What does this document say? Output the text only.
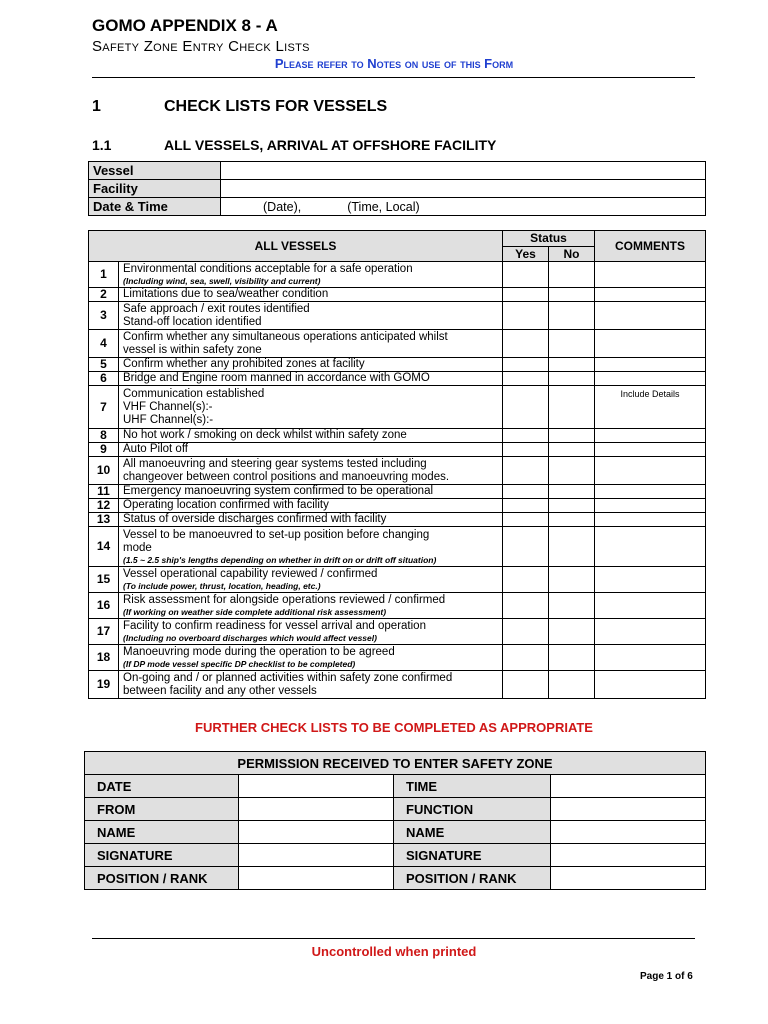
GOMO APPENDIX 8 - A
Safety Zone Entry Check Lists
Please refer to Notes on use of this Form
1	CHECK LISTS FOR VESSELS
1.1	ALL VESSELS, ARRIVAL AT OFFSHORE FACILITY
Vessel	
Facility	
Date & Time	(Date), (Time, Local)
ALL VESSELS		Status		COMMENTS
		Yes	No	
1	Environmental conditions acceptable for a safe operation
(Including wind, sea, swell, visibility and current)			

2	Limitations due to sea/weather condition			

3	Safe approach / exit routes identified
Stand-off location identified			

4	Confirm whether any simultaneous operations anticipated whilst
vessel is within safety zone			

5	Confirm whether any prohibited zones at facility			

6	Bridge and Engine room manned in accordance with GOMO			

7	Communication established
VHF Channel(s):-
UHF Channel(s):-			Include Details
8	No hot work / smoking on deck whilst within safety zone			

9	Auto Pilot off			

10	All manoeuvring and steering gear systems tested including
changeover between control positions and manoeuvring modes.			

11	Emergency manoeuvring system confirmed to be operational			

12	Operating location confirmed with facility			

13	Status of overside discharges confirmed with facility			

14	Vessel to be manoeuvred to set-up position before changing
mode
(1.5 ~ 2.5 ship's lengths depending on whether in drift on or drift off situation)			

15	Vessel operational capability reviewed / confirmed
(To include power, thrust, location, heading, etc.)			

16	Risk assessment for alongside operations reviewed / confirmed
(If working on weather side complete additional risk assessment)			

17	Facility to confirm readiness for vessel arrival and operation
(Including no overboard discharges which would affect vessel)			

18	Manoeuvring mode during the operation to be agreed
(If DP mode vessel specific DP checklist to be completed)			

19	On-going and / or planned activities within safety zone confirmed
between facility and any other vessels			

FURTHER CHECK LISTS TO BE COMPLETED AS APPROPRIATE
PERMISSION RECEIVED TO ENTER SAFETY ZONE			
DATE		TIME	
FROM		FUNCTION	
NAME		NAME	
SIGNATURE		SIGNATURE	
POSITION / RANK		POSITION / RANK	
Uncontrolled when printed
Page 1 of 6
